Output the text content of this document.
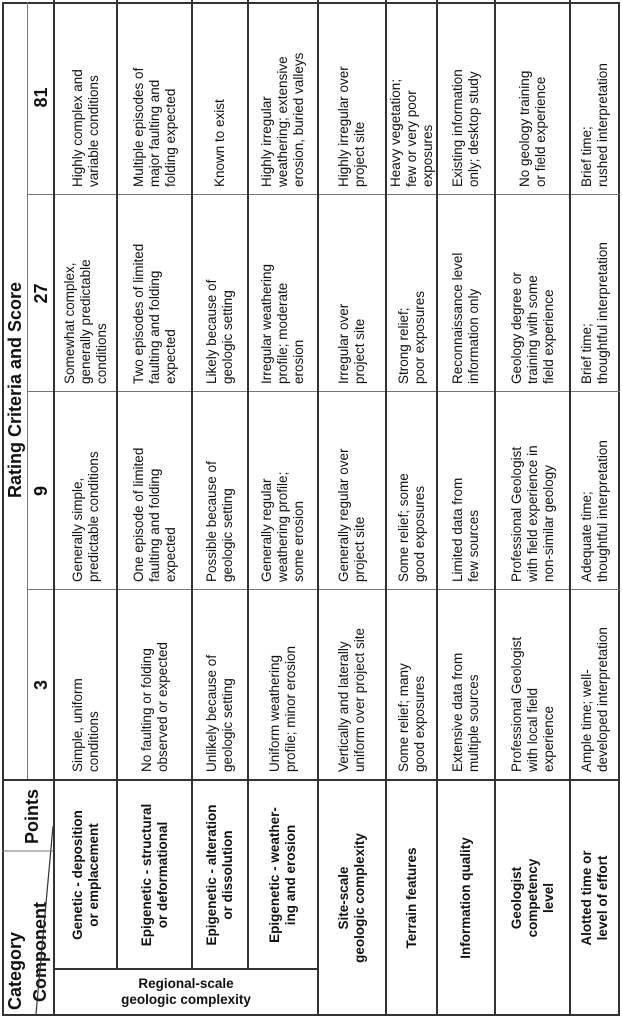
Category Component
Points
Rating Criteria and Score
3
9
27
81
Regional-scale
geologic complexity
Genetic - deposition or emplacement
Simple, uniform conditions
Generally simple, predictable conditions
Somewhat complex, generally predictable conditions
Highly complex and variable conditions
Epigenetic - structural or deformational
No faulting or folding observed or expected
One episode of limited faulting and folding expected
Two episodes of limited faulting and folding expected
Multiple episodes of major faulting and folding expected
Epigenetic - alteration or dissolution
Unlikely because of geologic setting
Possible because of geologic setting
Likely because of geologic setting
Known to exist
Epigenetic - weather- ing and erosion
Uniform weathering profile; minor erosion
Generally regular weathering profile; some erosion
Irregular weathering profile; moderate erosion
Highly irregular weathering; extensive erosion, buried valleys
Site-scale geologic complexity
Vertically and laterally uniform over project site
Generally regular over project site
Irregular over project site
Highly irregular over project site
Terrain features
Some relief; many good exposures
Some relief; some good exposures
Strong relief; poor exposures
Heavy vegetation; few or very poor exposures
Information quality
Extensive data from multiple sources
Limited data from few sources
Reconnaissance level information only
Existing information only; desktop study
Geologist competency level
Professional Geologist with local field experience
Professional Geologist with field experience in non-similar geology
Geology degree or training with some field experience
No geology training or field experience
Alotted time or level of effort
Ample time; well- developed interpretation
Adequate time; thoughtful interpretation
Brief time; thoughtful interpretation
Brief time; rushed interpretation
